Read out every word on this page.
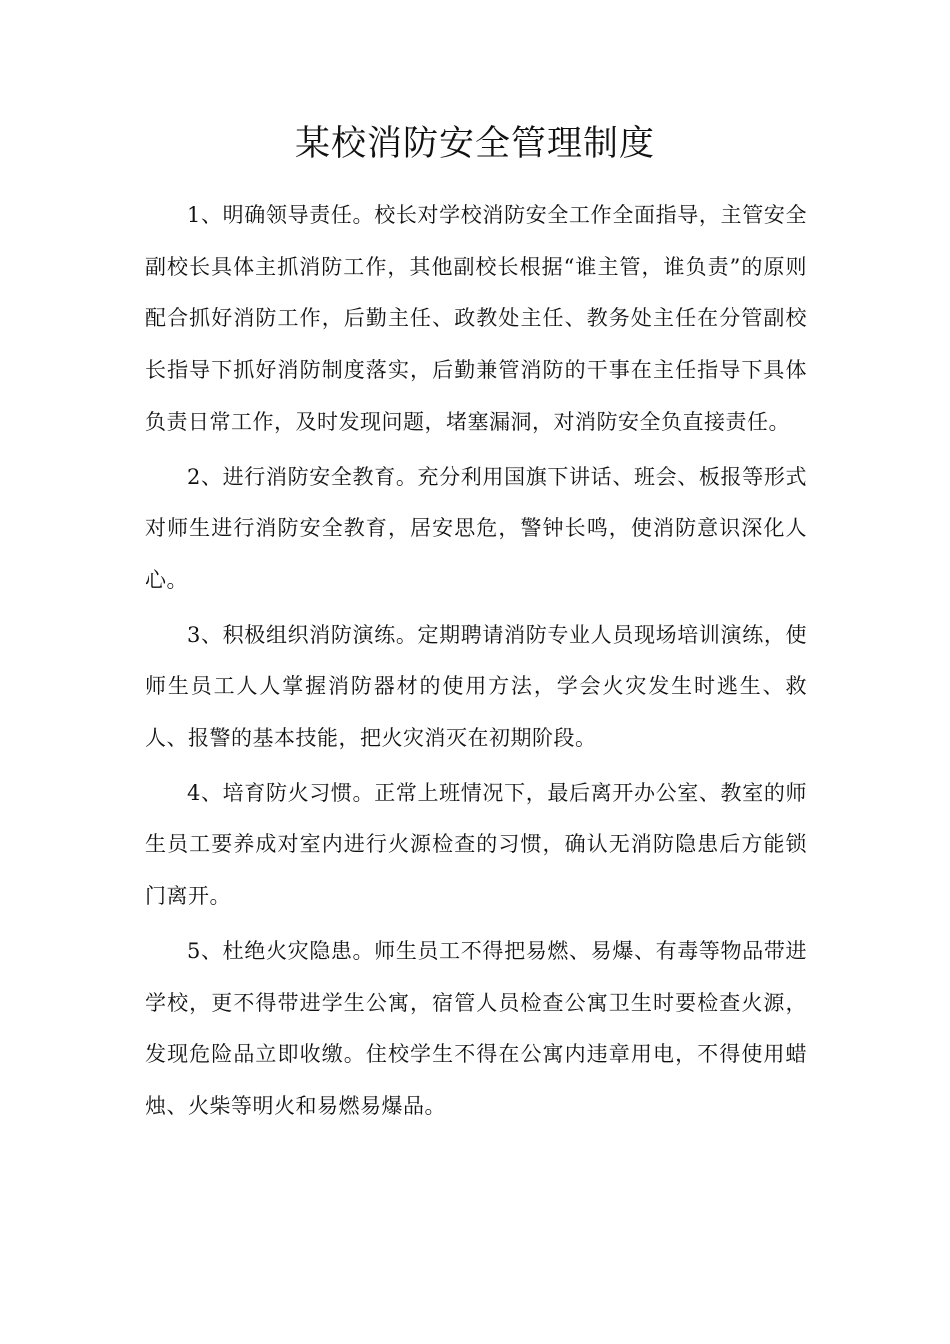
某校消防安全管理制度

1、明确领导责任。校长对学校消防安全工作全面指导，主管安全副校长具体主抓消防工作，其他副校长根据“谁主管，谁负责”的原则配合抓好消防工作，后勤主任、政教处主任、教务处主任在分管副校长指导下抓好消防制度落实，后勤兼管消防的干事在主任指导下具体负责日常工作，及时发现问题，堵塞漏洞，对消防安全负直接责任。

2、进行消防安全教育。充分利用国旗下讲话、班会、板报等形式对师生进行消防安全教育，居安思危，警钟长鸣，使消防意识深化人心。

3、积极组织消防演练。定期聘请消防专业人员现场培训演练，使师生员工人人掌握消防器材的使用方法，学会火灾发生时逃生、救人、报警的基本技能，把火灾消灭在初期阶段。

4、培育防火习惯。正常上班情况下，最后离开办公室、教室的师生员工要养成对室内进行火源检查的习惯，确认无消防隐患后方能锁门离开。

5、杜绝火灾隐患。师生员工不得把易燃、易爆、有毒等物品带进学校，更不得带进学生公寓，宿管人员检查公寓卫生时要检查火源，发现危险品立即收缴。住校学生不得在公寓内违章用电，不得使用蜡烛、火柴等明火和易燃易爆品。
